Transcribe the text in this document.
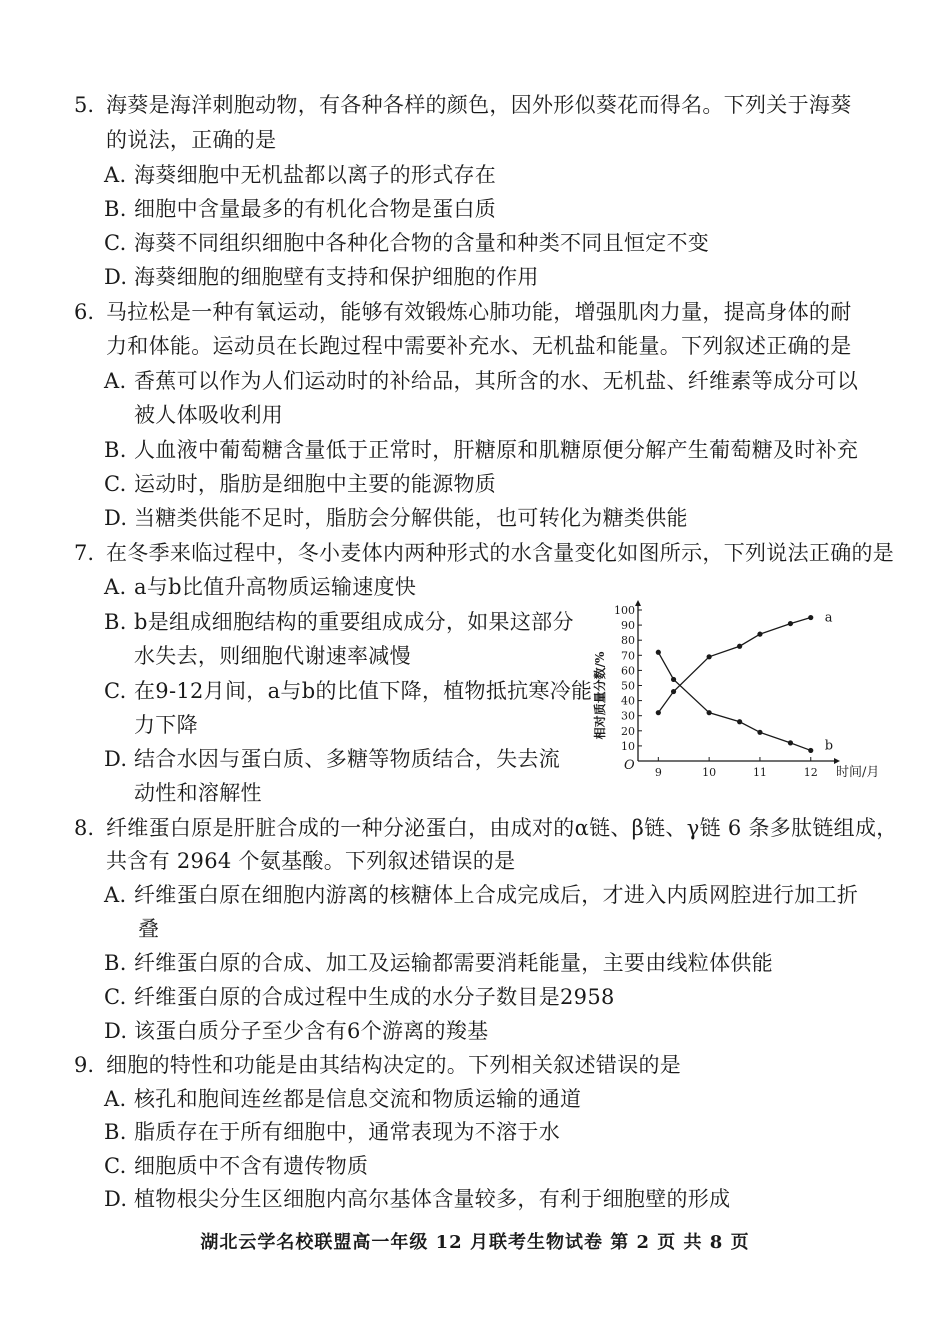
5. 海葵是海洋刺胞动物，有各种各样的颜色，因外形似葵花而得名。下列关于海葵
的说法，正确的是
A. 海葵细胞中无机盐都以离子的形式存在
B. 细胞中含量最多的有机化合物是蛋白质
C. 海葵不同组织细胞中各种化合物的含量和种类不同且恒定不变
D. 海葵细胞的细胞壁有支持和保护细胞的作用
6. 马拉松是一种有氧运动，能够有效锻炼心肺功能，增强肌肉力量，提高身体的耐
力和体能。运动员在长跑过程中需要补充水、无机盐和能量。下列叙述正确的是
A. 香蕉可以作为人们运动时的补给品，其所含的水、无机盐、纤维素等成分可以
被人体吸收利用
B. 人血液中葡萄糖含量低于正常时，肝糖原和肌糖原便分解产生葡萄糖及时补充
C. 运动时，脂肪是细胞中主要的能源物质
D. 当糖类供能不足时，脂肪会分解供能，也可转化为糖类供能
7. 在冬季来临过程中，冬小麦体内两种形式的水含量变化如图所示，下列说法正确的是
A. a与b比值升高物质运输速度快
B. b是组成细胞结构的重要组成成分，如果这部分
水失去，则细胞代谢速率减慢
C. 在9-12月间，a与b的比值下降，植物抵抗寒冷能
力下降
D. 结合水因与蛋白质、多糖等物质结合，失去流
动性和溶解性
10
20
30
40
50
60
70
80
90
100
9	10	11	12
O	时间/月
相对质量分数/%
a
b
8. 纤维蛋白原是肝脏合成的一种分泌蛋白，由成对的α链、β链、γ链 6 条多肽链组成，
共含有 2964 个氨基酸。下列叙述错误的是
A. 纤维蛋白原在细胞内游离的核糖体上合成完成后，才进入内质网腔进行加工折
叠
B. 纤维蛋白原的合成、加工及运输都需要消耗能量，主要由线粒体供能
C. 纤维蛋白原的合成过程中生成的水分子数目是2958
D. 该蛋白质分子至少含有6个游离的羧基
9. 细胞的特性和功能是由其结构决定的。下列相关叙述错误的是
A. 核孔和胞间连丝都是信息交流和物质运输的通道
B. 脂质存在于所有细胞中，通常表现为不溶于水
C. 细胞质中不含有遗传物质
D. 植物根尖分生区细胞内高尔基体含量较多，有利于细胞壁的形成
湖北云学名校联盟高一年级 12 月联考生物试卷 第 2 页 共 8 页
